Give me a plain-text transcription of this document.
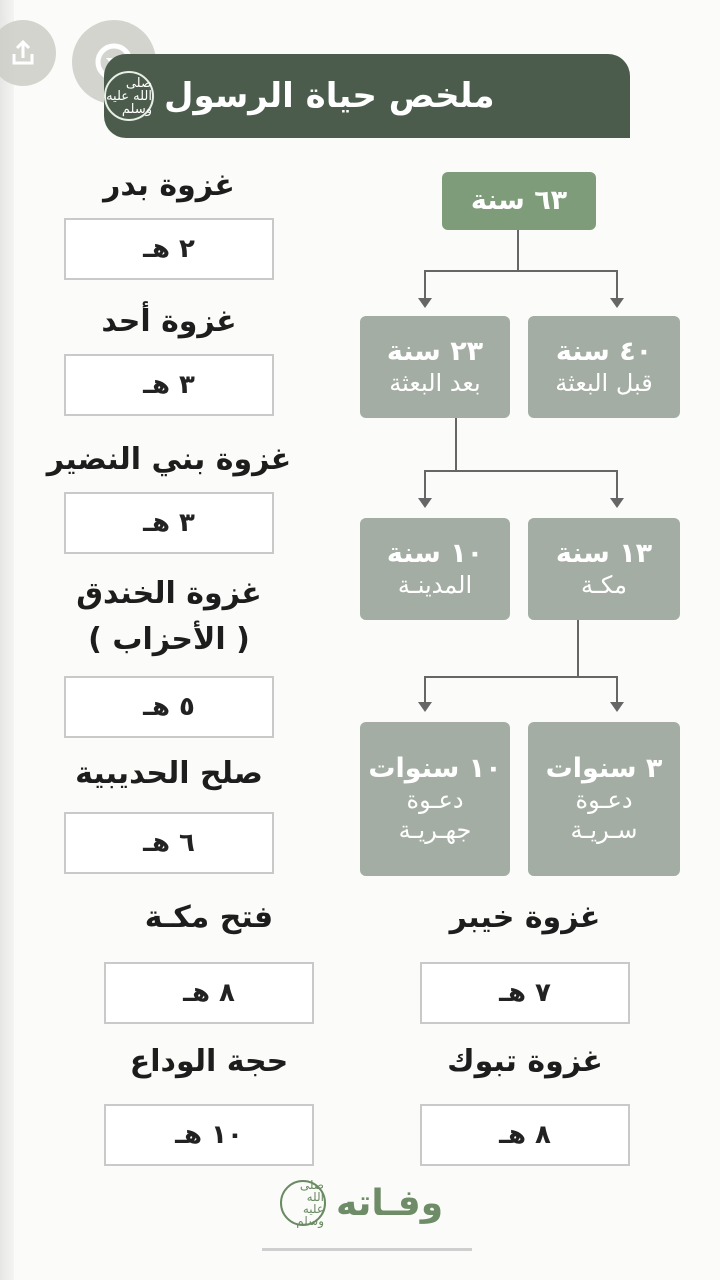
ملخص حياة الرسول
صلى الله عليه وسلم
٦٣ سنة
٤٠ سنة
قبل البعثة
٢٣ سنة
بعد البعثة
١٣ سنة
مكـة
١٠ سنة
المدينـة
٣ سنوات
دعـوة
سـريـة
١٠ سنوات
دعـوة
جهـريـة
غزوة بدر
٢ هـ
غزوة أحد
٣ هـ
غزوة بني النضير
٣ هـ
غزوة الخندق
( الأحزاب )
٥ هـ
صلح الحديبية
٦ هـ
فتح مكـة
٨ هـ
غزوة خيبر
٧ هـ
حجة الوداع
١٠ هـ
غزوة تبوك
٨ هـ
وفـاته
صلى الله عليه وسلم
